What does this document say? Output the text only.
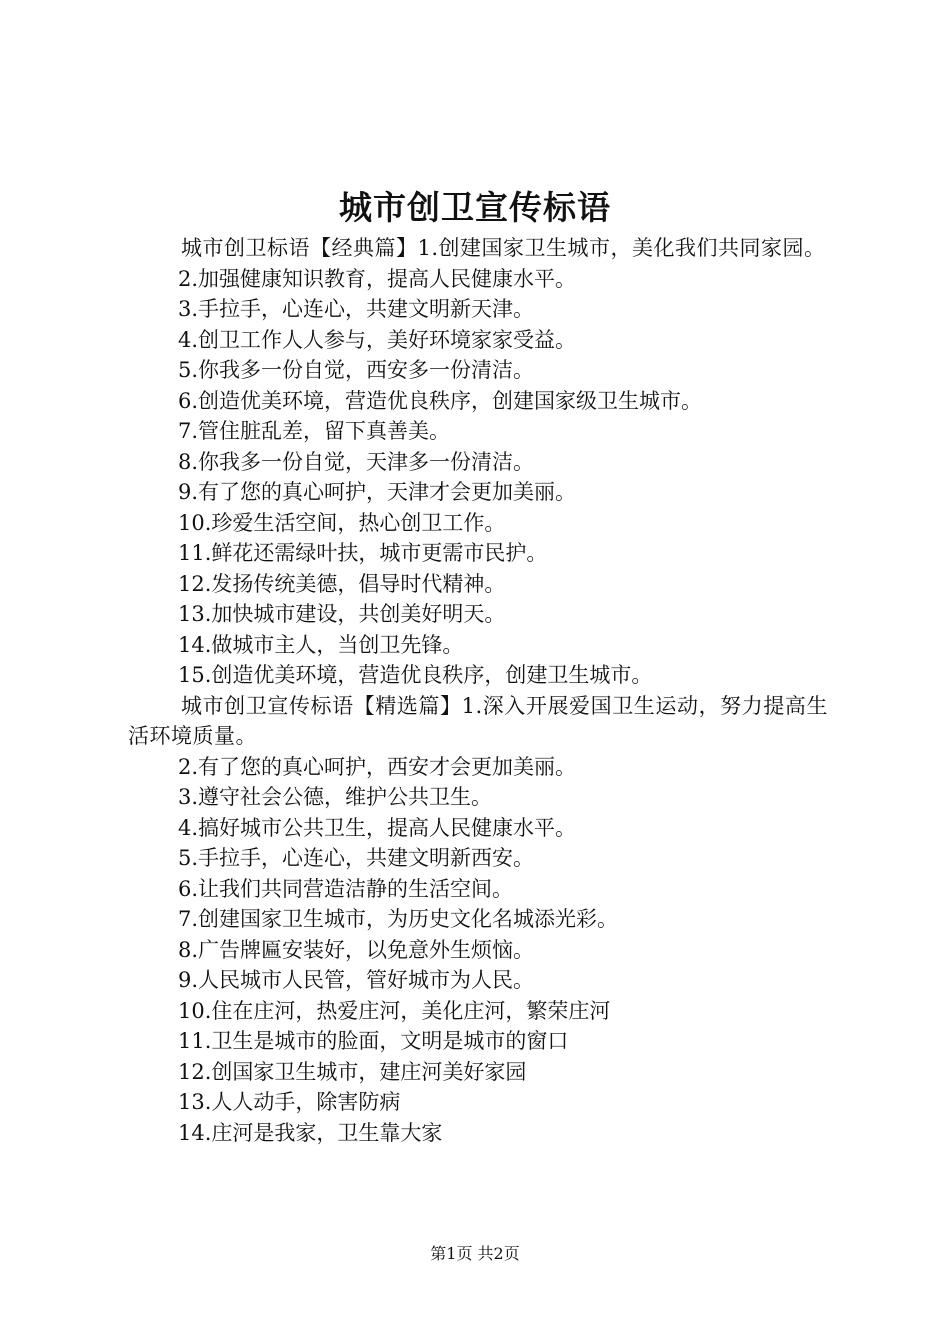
城市创卫宣传标语
城市创卫标语【经典篇】1.创建国家卫生城市，美化我们共同家园。
2.加强健康知识教育，提高人民健康水平。
3.手拉手，心连心，共建文明新天津。
4.创卫工作人人参与，美好环境家家受益。
5.你我多一份自觉，西安多一份清洁。
6.创造优美环境，营造优良秩序，创建国家级卫生城市。
7.管住脏乱差，留下真善美。
8.你我多一份自觉，天津多一份清洁。
9.有了您的真心呵护，天津才会更加美丽。
10.珍爱生活空间，热心创卫工作。
11.鲜花还需绿叶扶，城市更需市民护。
12.发扬传统美德，倡导时代精神。
13.加快城市建设，共创美好明天。
14.做城市主人，当创卫先锋。
15.创造优美环境，营造优良秩序，创建卫生城市。
城市创卫宣传标语【精选篇】1.深入开展爱国卫生运动，努力提高生活环境质量。
2.有了您的真心呵护，西安才会更加美丽。
3.遵守社会公德，维护公共卫生。
4.搞好城市公共卫生，提高人民健康水平。
5.手拉手，心连心，共建文明新西安。
6.让我们共同营造洁静的生活空间。
7.创建国家卫生城市，为历史文化名城添光彩。
8.广告牌匾安装好，以免意外生烦恼。
9.人民城市人民管，管好城市为人民。
10.住在庄河，热爱庄河，美化庄河，繁荣庄河
11.卫生是城市的脸面，文明是城市的窗口
12.创国家卫生城市，建庄河美好家园
13.人人动手，除害防病
14.庄河是我家，卫生靠大家
第1页 共2页
